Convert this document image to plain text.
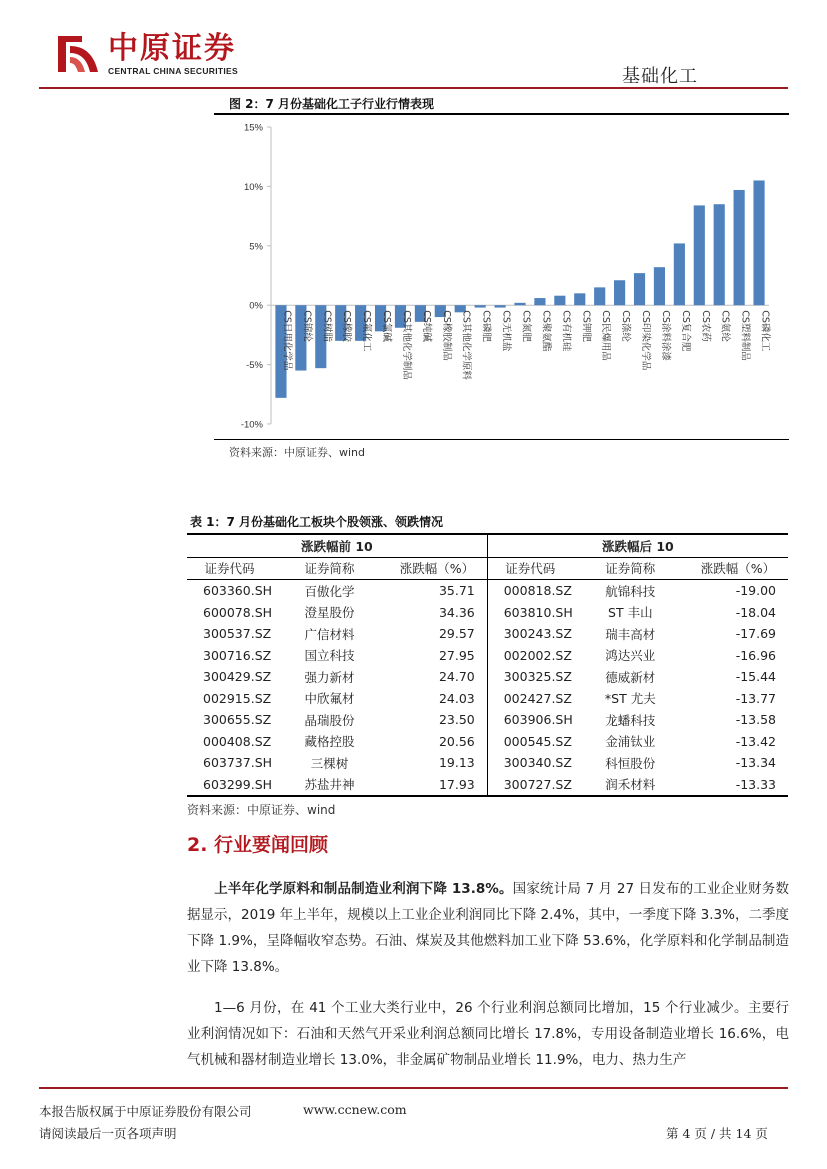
中原证券
CENTRAL CHINA SECURITIES	基础化工
图 2：7 月份基础化工子行业行情表现
15%
10%
5%
0%
-5%
-10%
CS日用化学品 CS锦纶 CS树脂 CS橡胶 CS氟化工 CS氯碱 CS其他化学制品 CS纯碱 CS橡胶制品 CS其他化学原料 CS磷肥 CS无机盐 CS氮肥 CS聚氨酯 CS有机硅 CS钾肥 CS民爆用品 CS涤纶 CS印染化学品 CS涂料涂漆 CS复合肥 CS农药 CS氨纶 CS塑料制品 CS磷化工
资料来源：中原证券、wind
表 1：7 月份基础化工板块个股领涨、领跌情况
涨跌幅前 10			涨跌幅后 10		
证券代码	证券简称	涨跌幅（%）	证券代码	证券简称	涨跌幅（%）
603360.SH	百傲化学	35.71	000818.SZ	航锦科技	-19.00
600078.SH	澄星股份	34.36	603810.SH	ST 丰山	-18.04
300537.SZ	广信材料	29.57	300243.SZ	瑞丰高材	-17.69
300716.SZ	国立科技	27.95	002002.SZ	鸿达兴业	-16.96
300429.SZ	强力新材	24.70	300325.SZ	德威新材	-15.44
002915.SZ	中欣氟材	24.03	002427.SZ	*ST 尤夫	-13.77
300655.SZ	晶瑞股份	23.50	603906.SH	龙蟠科技	-13.58
000408.SZ	藏格控股	20.56	000545.SZ	金浦钛业	-13.42
603737.SH	三棵树	19.13	300340.SZ	科恒股份	-13.34
603299.SH	苏盐井神	17.93	300727.SZ	润禾材料	-13.33
资料来源：中原证券、wind
2. 行业要闻回顾
上半年化学原料和制品制造业利润下降 13.8%。国家统计局 7 月 27 日发布的工业企业财务数据显示，2019 年上半年，规模以上工业企业利润同比下降 2.4%，其中，一季度下降 3.3%，二季度下降 1.9%，呈降幅收窄态势。石油、煤炭及其他燃料加工业下降 53.6%，化学原料和化学制品制造业下降 13.8%。
1—6 月份，在 41 个工业大类行业中，26 个行业利润总额同比增加，15 个行业减少。主要行业利润情况如下：石油和天然气开采业利润总额同比增长 17.8%，专用设备制造业增长 16.6%，电气机械和器材制造业增长 13.0%，非金属矿物制品业增长 11.9%，电力、热力生产
本报告版权属于中原证券股份有限公司	www.ccnew.com
请阅读最后一页各项声明	第 4 页 / 共 14 页
